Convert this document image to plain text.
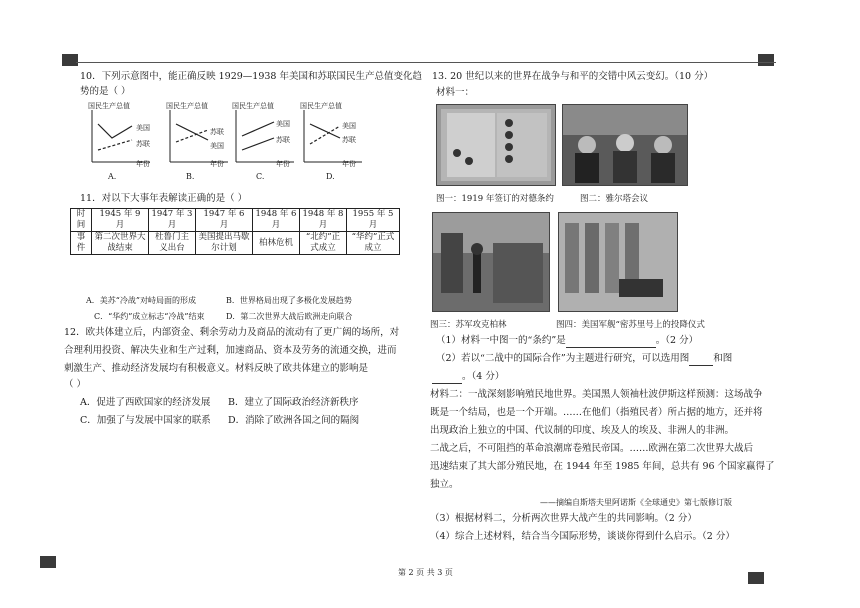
10．下列示意图中，能正确反映 1929—1938 年美国和苏联国民生产总值变化趋
势的是（ ）
国民生产总值
美国
苏联
年份
A.
国民生产总值
苏联
美国
年份
B.
国民生产总值
美国
苏联
年份
C.
国民生产总值
美国
苏联
年份
D.
11．对以下大事年表解读正确的是（ ）
时间	1945 年 9 月	1947 年 3 月	1947 年 6 月	1948 年 6 月	1948 年 8 月	1955 年 5 月
事件	第二次世界大战结束	杜鲁门主义出台	美国提出马歇尔计划	柏林危机	“北约”正式成立	“华约”正式成立
A．美苏“冷战”对峙局面的形成	B．世界格局出现了多极化发展趋势
C．“华约”成立标志“冷战”结束	D．第二次世界大战后欧洲走向联合
12．欧共体建立后，内部资金、剩余劳动力及商品的流动有了更广阔的场所，对
合理利用投资、解决失业和生产过剩，加速商品、资本及劳务的流通交换，进而
刺激生产、推动经济发展均有积极意义。材料反映了欧共体建立的影响是
（ ）
A．促进了西欧国家的经济发展 B．建立了国际政治经济新秩序
C．加强了与发展中国家的联系 D．消除了欧洲各国之间的隔阂
13. 20 世纪以来的世界在战争与和平的交错中风云变幻。（10 分）
材料一：
图一：1919 年签订的对德条约	图二：雅尔塔会议
图三：苏军攻克柏林	图四：美国军舰“密苏里号上的投降仪式
（1）材料一中图一的“条约”是	。（2 分）
（2）若以“二战中的国际合作”为主题进行研究，可以选用图	和图
。（4 分）
材料二：一战深刻影响殖民地世界。美国黑人领袖杜波伊斯这样预测：这场战争
既是一个结局，也是一个开端。……在他们（指殖民者）所占据的地方，还并将
出现政治上独立的中国、代议制的印度、埃及人的埃及、非洲人的非洲。
二战之后，不可阻挡的革命浪潮席卷殖民帝国。……欧洲在第二次世界大战后
迅速结束了其大部分殖民地，在 1944 年至 1985 年间，总共有 96 个国家赢得了
独立。
——摘编自斯塔夫里阿诺斯《全球通史》第七版修订版
（3）根据材料二，分析两次世界大战产生的共同影响。（2 分）
（4）综合上述材料，结合当今国际形势，谈谈你得到什么启示。（2 分）
第 2 页 共 3 页
